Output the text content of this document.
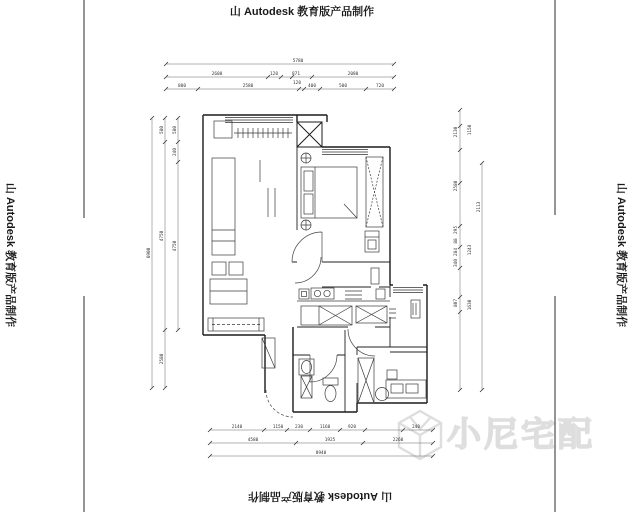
山 Autodesk 教育版产品制作
山 Autodesk 教育版产品制作	山 Autodesk 教育版产品制作
山 Autodesk 教育版产品制作
小尼宅配
5780
2600	120	871	2080
800	2580
120
400	500	720
2140	1150	230	1160	920	240
4580	1925	2260
8940
6900
580
4750
2580
580
240
4750
2130
2580
295
88
284
340
807
1150
1243
1630
2113
